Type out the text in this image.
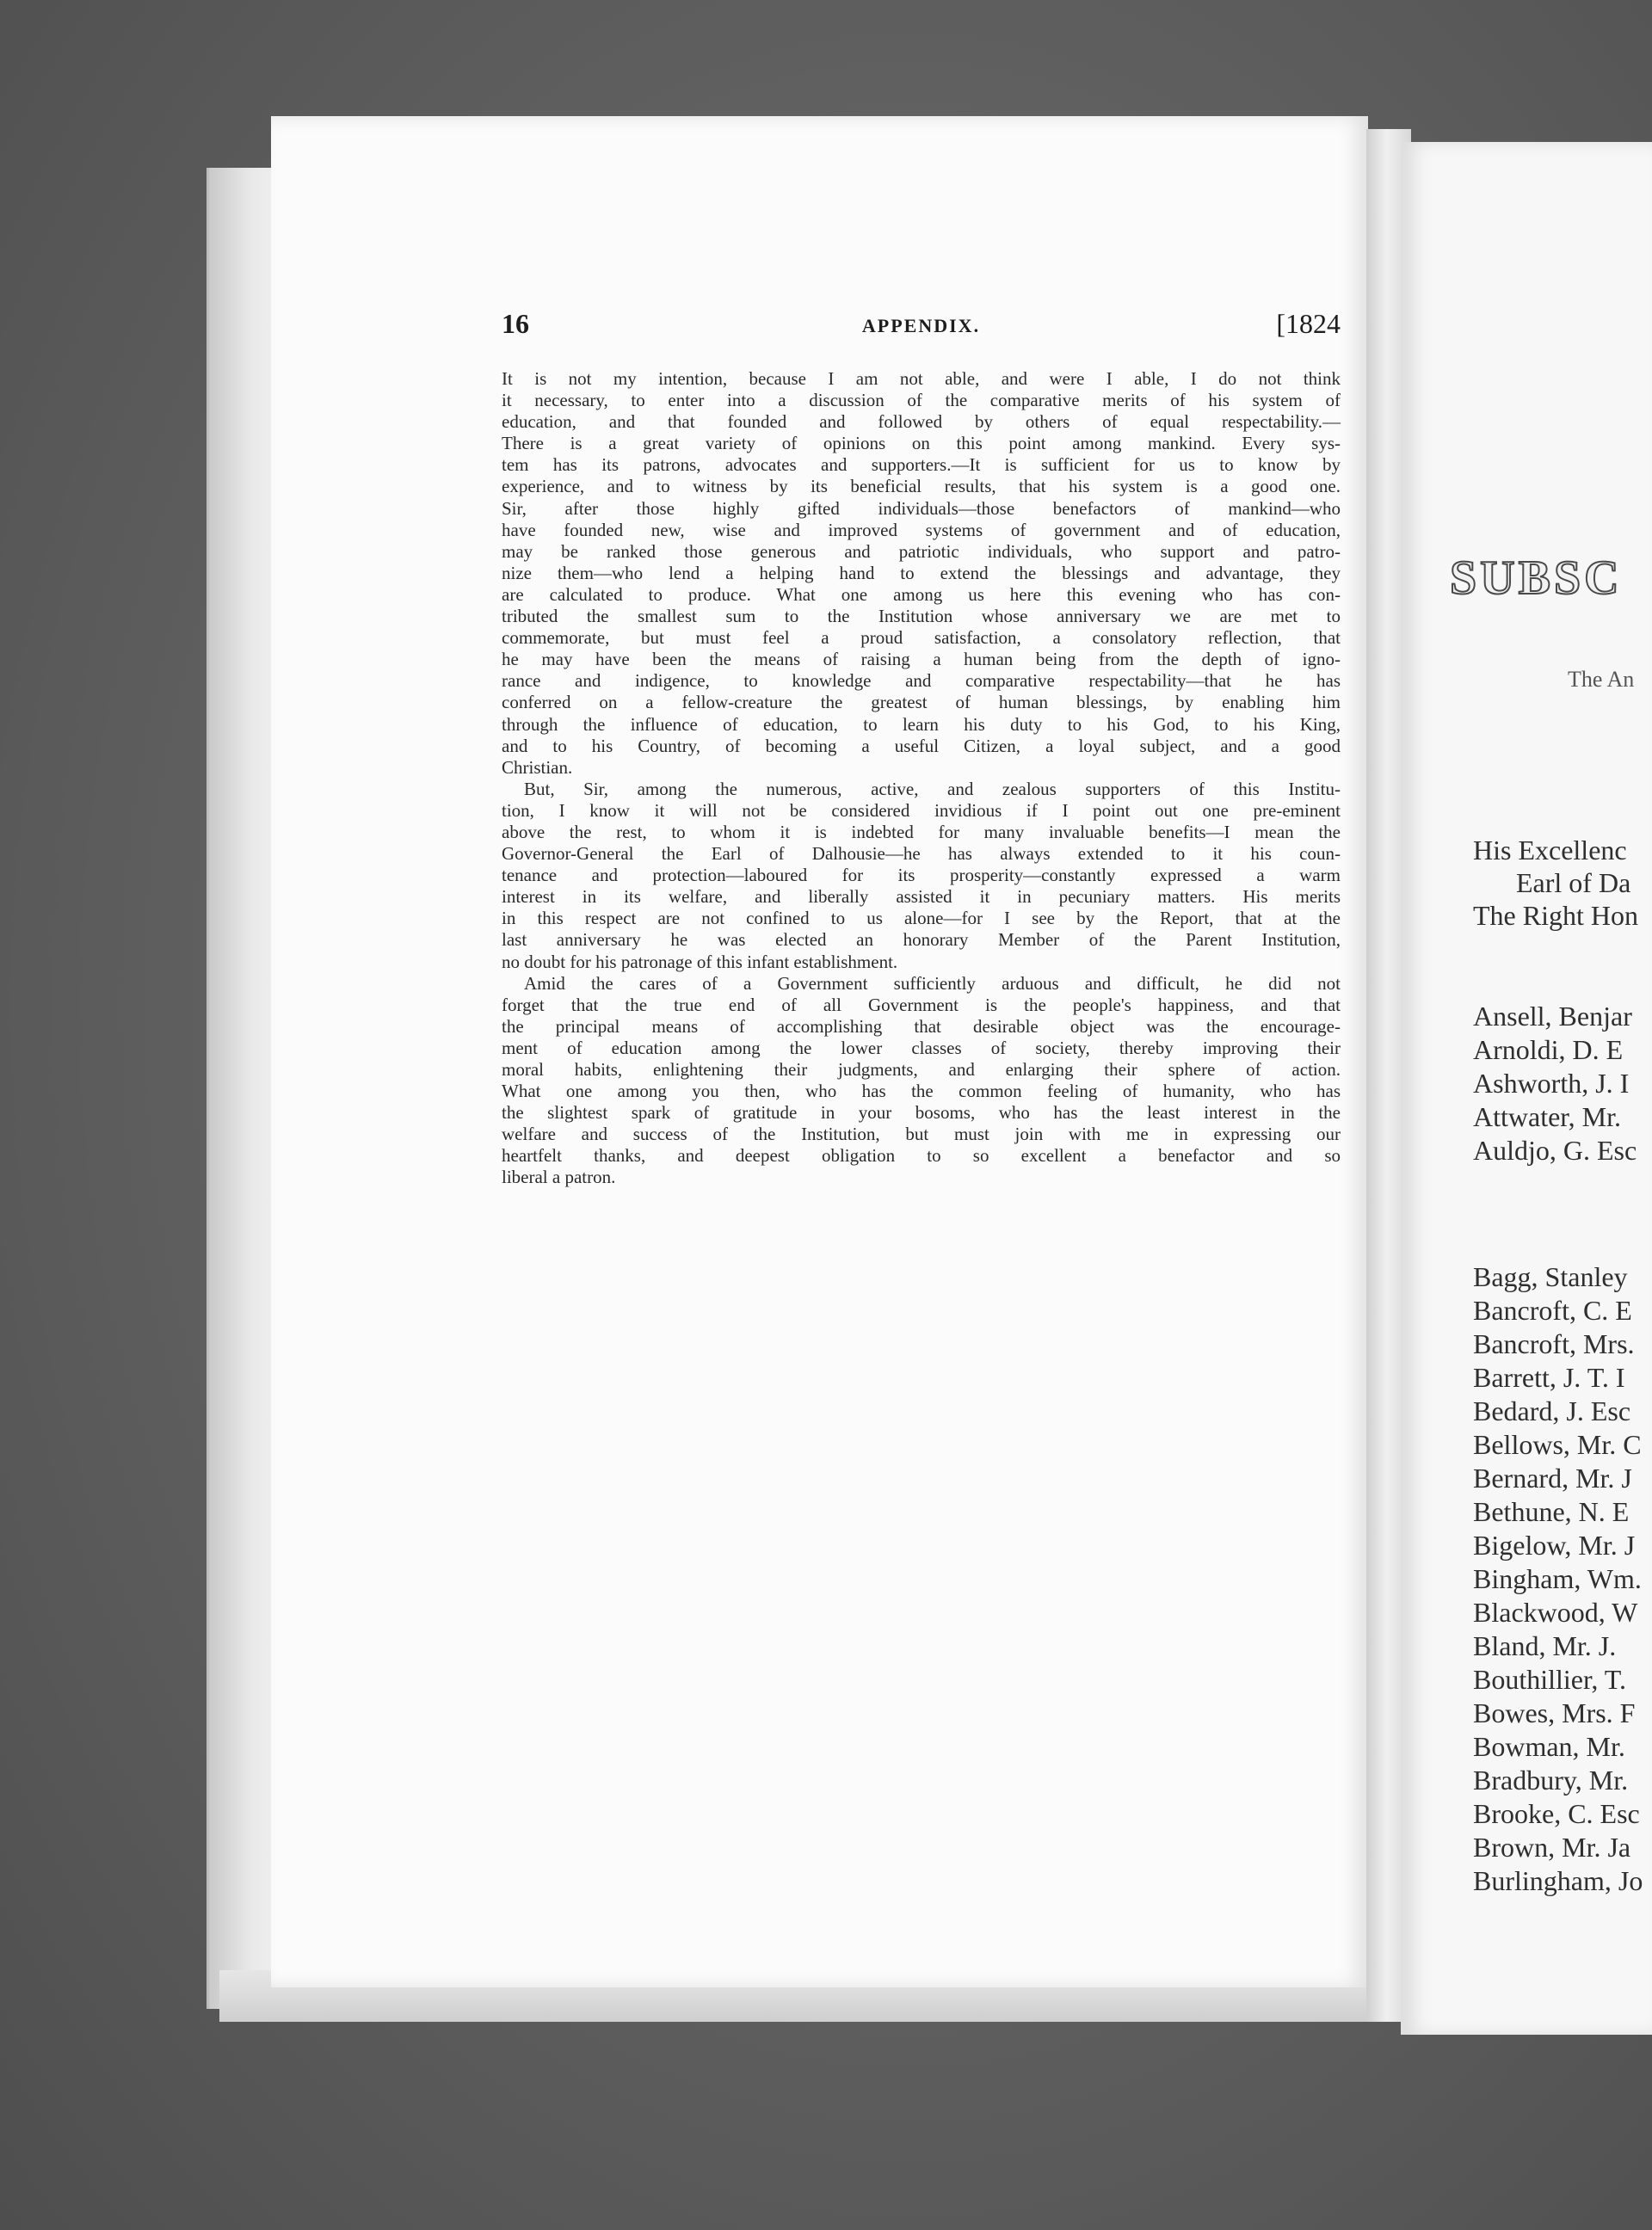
16	APPENDIX.	[1824
It is not my intention, because I am not able, and were I able, I do not think
it necessary, to enter into a discussion of the comparative merits of his system of
education, and that founded and followed by others of equal respectability.—
There is a great variety of opinions on this point among mankind. Every sys-
tem has its patrons, advocates and supporters.—It is sufficient for us to know by
experience, and to witness by its beneficial results, that his system is a good one.
Sir, after those highly gifted individuals—those benefactors of mankind—who
have founded new, wise and improved systems of government and of education,
may be ranked those generous and patriotic individuals, who support and patro-
nize them—who lend a helping hand to extend the blessings and advantage, they
are calculated to produce. What one among us here this evening who has con-
tributed the smallest sum to the Institution whose anniversary we are met to
commemorate, but must feel a proud satisfaction, a consolatory reflection, that
he may have been the means of raising a human being from the depth of igno-
rance and indigence, to knowledge and comparative respectability—that he has
conferred on a fellow-creature the greatest of human blessings, by enabling him
through the influence of education, to learn his duty to his God, to his King,
and to his Country, of becoming a useful Citizen, a loyal subject, and a good
Christian.
But, Sir, among the numerous, active, and zealous supporters of this Institu-
tion, I know it will not be considered invidious if I point out one pre-eminent
above the rest, to whom it is indebted for many invaluable benefits—I mean the
Governor-General the Earl of Dalhousie—he has always extended to it his coun-
tenance and protection—laboured for its prosperity—constantly expressed a warm
interest in its welfare, and liberally assisted it in pecuniary matters. His merits
in this respect are not confined to us alone—for I see by the Report, that at the
last anniversary he was elected an honorary Member of the Parent Institution,
no doubt for his patronage of this infant establishment.
Amid the cares of a Government sufficiently arduous and difficult, he did not
forget that the true end of all Government is the people's happiness, and that
the principal means of accomplishing that desirable object was the encourage-
ment of education among the lower classes of society, thereby improving their
moral habits, enlightening their judgments, and enlarging their sphere of action.
What one among you then, who has the common feeling of humanity, who has
the slightest spark of gratitude in your bosoms, who has the least interest in the
welfare and success of the Institution, but must join with me in expressing our
heartfelt thanks, and deepest obligation to so excellent a benefactor and so
liberal a patron.
SUBSC
The An
His Excellenc
Earl of Da
The Right Hon
Ansell, Benjar
Arnoldi, D. E
Ashworth, J. I
Attwater, Mr.
Auldjo, G. Esc
Bagg, Stanley
Bancroft, C. E
Bancroft, Mrs.
Barrett, J. T. I
Bedard, J. Esc
Bellows, Mr. C
Bernard, Mr. J
Bethune, N. E
Bigelow, Mr. J
Bingham, Wm.
Blackwood, W
Bland, Mr. J.
Bouthillier, T.
Bowes, Mrs. F
Bowman, Mr.
Bradbury, Mr.
Brooke, C. Esc
Brown, Mr. Ja
Burlingham, Jo
